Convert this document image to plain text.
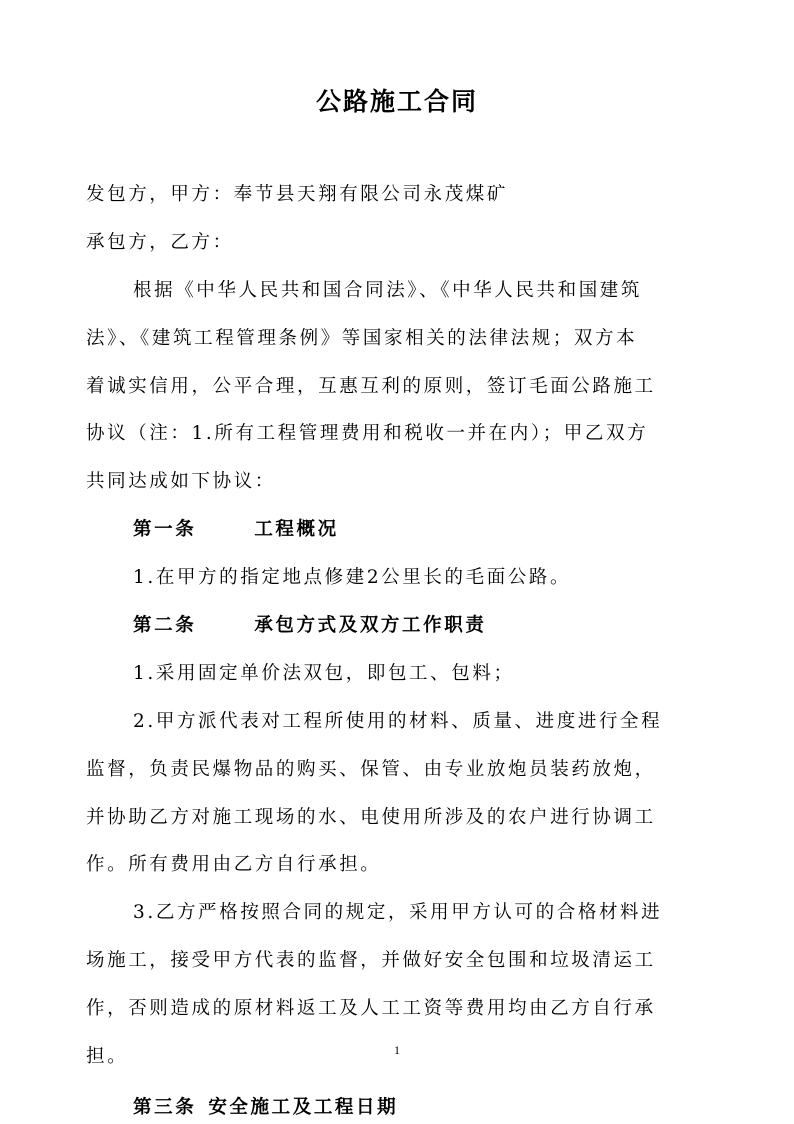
公路施工合同
发包方，甲方：奉节县天翔有限公司永茂煤矿
承包方，乙方：
根据《中华人民共和国合同法》、《中华人民共和国建筑
法》、《建筑工程管理条例》等国家相关的法律法规；双方本
着诚实信用，公平合理，互惠互利的原则，签订毛面公路施工
协议（注：1.所有工程管理费用和税收一并在内）；甲乙双方
共同达成如下协议：
第一条	工程概况
1.在甲方的指定地点修建2公里长的毛面公路。
第二条	承包方式及双方工作职责
1.采用固定单价法双包，即包工、包料；
2.甲方派代表对工程所使用的材料、质量、进度进行全程
监督，负责民爆物品的购买、保管、由专业放炮员装药放炮，
并协助乙方对施工现场的水、电使用所涉及的农户进行协调工
作。所有费用由乙方自行承担。
3.乙方严格按照合同的规定，采用甲方认可的合格材料进
场施工，接受甲方代表的监督，并做好安全包围和垃圾清运工
作，否则造成的原材料返工及人工工资等费用均由乙方自行承
担。
第三条 安全施工及工程日期
1
